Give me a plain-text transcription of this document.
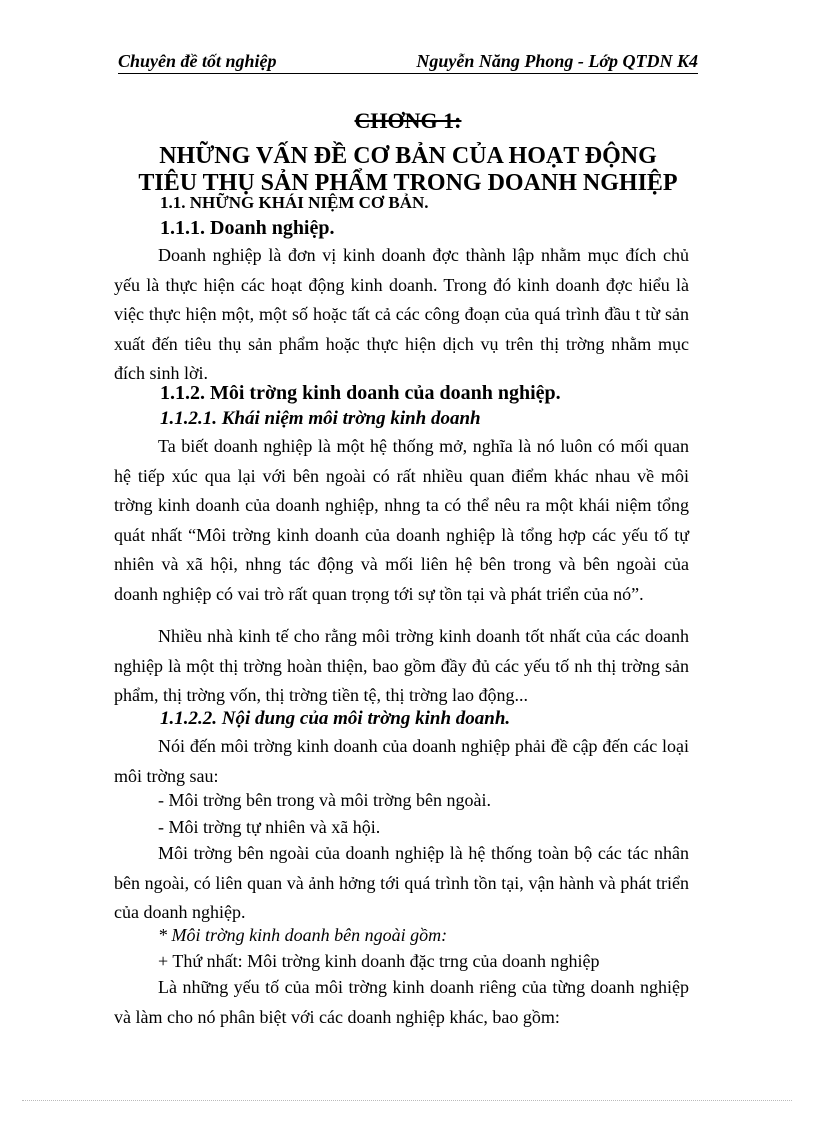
Chuyên đề tốt nghiệp	Nguyễn Năng Phong - Lớp QTDN K4
CHƠNG 1:
NHỮNG VẤN ĐỀ CƠ BẢN CỦA HOẠT ĐỘNG
TIÊU THỤ SẢN PHẨM TRONG DOANH NGHIỆP
1.1. NHỮNG KHÁI NIỆM CƠ BẢN.
1.1.1. Doanh nghiệp.
Doanh nghiệp là đơn vị kinh doanh đợc thành lập nhằm mục đích chủ yếu là thực hiện các hoạt động kinh doanh. Trong đó kinh doanh đợc hiểu là việc thực hiện một, một số hoặc tất cả các công đoạn của quá trình đầu t từ sản xuất đến tiêu thụ sản phẩm hoặc thực hiện dịch vụ trên thị trờng nhằm mục đích sinh lời.
1.1.2. Môi trờng kinh doanh của doanh nghiệp.
1.1.2.1. Khái niệm môi trờng kinh doanh
Ta biết doanh nghiệp là một hệ thống mở, nghĩa là nó luôn có mối quan hệ tiếp xúc qua lại với bên ngoài có rất nhiều quan điểm khác nhau về môi trờng kinh doanh của doanh nghiệp, nhng ta có thể nêu ra một khái niệm tổng quát nhất “Môi trờng kinh doanh của doanh nghiệp là tổng hợp các yếu tố tự nhiên và xã hội, nhng tác động và mối liên hệ bên trong và bên ngoài của doanh nghiệp có vai trò rất quan trọng tới sự tồn tại và phát triển của nó”.
Nhiều nhà kinh tế cho rằng môi trờng kinh doanh tốt nhất của các doanh nghiệp là một thị trờng hoàn thiện, bao gồm đầy đủ các yếu tố nh thị trờng sản phẩm, thị trờng vốn, thị trờng tiền tệ, thị trờng lao động...
1.1.2.2. Nội dung của môi trờng kinh doanh.
Nói đến môi trờng kinh doanh của doanh nghiệp phải đề cập đến các loại môi trờng sau:
- Môi trờng bên trong và môi trờng bên ngoài.
- Môi trờng tự nhiên và xã hội.
Môi trờng bên ngoài của doanh nghiệp là hệ thống toàn bộ các tác nhân bên ngoài, có liên quan và ảnh hởng tới quá trình tồn tại, vận hành và phát triển của doanh nghiệp.
* Môi trờng kinh doanh bên ngoài gồm:
+ Thứ nhất: Môi trờng kinh doanh đặc trng của doanh nghiệp
Là những yếu tố của môi trờng kinh doanh riêng của từng doanh nghiệp và làm cho nó phân biệt với các doanh nghiệp khác, bao gồm:
